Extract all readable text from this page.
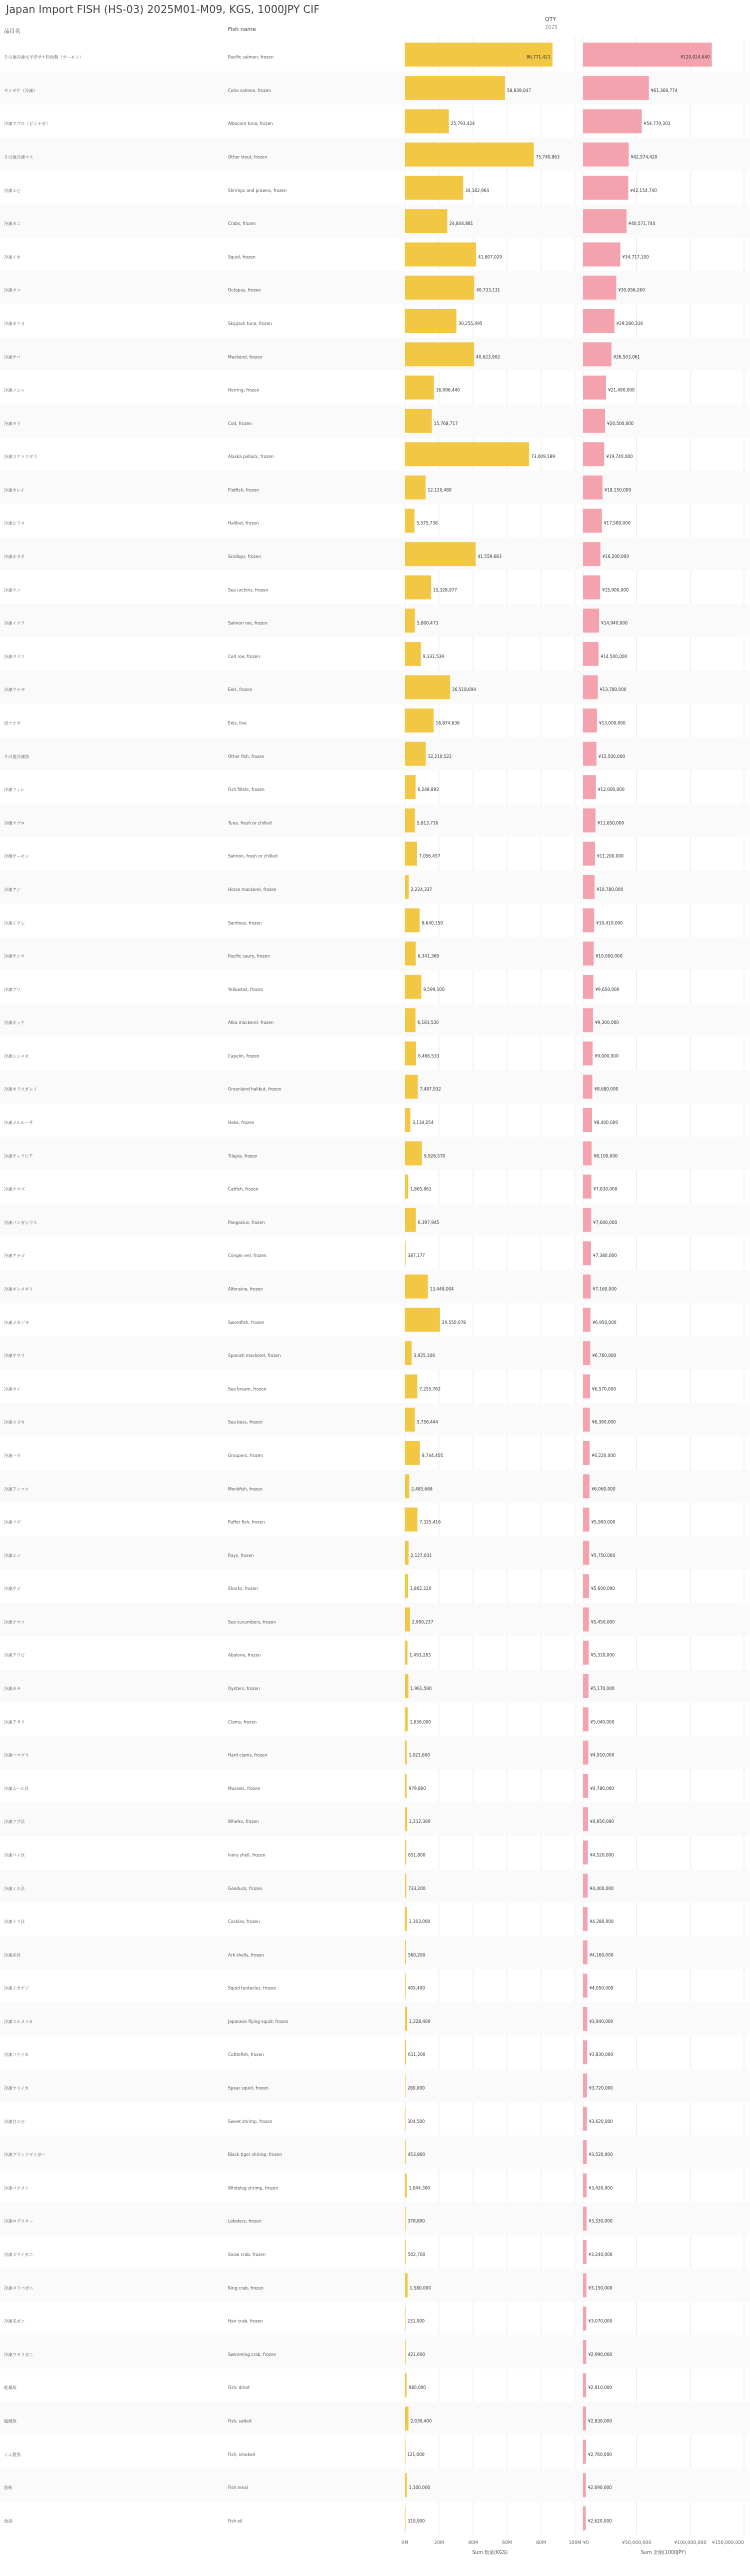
Japan Import FISH (HS-03) 2025M01-M09, KGS, 1000JPY CIF
品目名	Fish name
QTY
2025
0M	20M	40M	60M	80M	100M ¥0	¥50,000,000	¥100,000,000 ¥150,000,000
Sum 数量(KGS)	Sum 金額(1000JPY)
その他冷凍太平洋サケ科魚類（サーモン）	Pacific salmon, frozen	86,771,421	¥120,024,640
ギンザケ（冷凍）	Coho salmon, frozen	58,839,047	¥61,360,774
冷凍マグロ（ビンナガ）	Albacore tuna, frozen	25,793,424	¥54,770,303
その他冷凍マス	Other trout, frozen	75,740,863	¥42,574,420
冷凍エビ	Shrimps and prawns, frozen	34,182,964	¥42,154,740
冷凍カニ	Crabs, frozen	24,844,881	¥40,571,744
冷凍イカ	Squid, frozen	41,807,029	¥34,717,100
冷凍タコ	Octopus, frozen	40,733,131	¥30,956,260
冷凍カツオ	Skipjack tuna, frozen	30,255,495	¥29,280,316
冷凍サバ	Mackerel, frozen	40,623,902	¥26,503,061
冷凍ニシン	Herring, frozen	16,996,440	¥21,490,000
冷凍タラ	Cod, frozen	15,768,717	¥20,500,000
冷凍スケトウダラ	Alaska pollock, frozen	73,009,189	¥19,740,000
冷凍カレイ	Flatfish, frozen	12,120,480	¥18,150,000
冷凍ヒラメ	Halibut, frozen	5,575,738	¥17,580,000
冷凍ホタテ	Scallops, frozen	41,559,683	¥16,200,000
冷凍ウニ	Sea urchins, frozen	15,328,977	¥15,900,000
冷凍イクラ	Salmon roe, frozen	5,800,473	¥14,940,000
冷凍タラコ	Cod roe, frozen	9,331,539	¥14,500,000
冷凍ウナギ	Eels, frozen	26,518,694	¥13,780,000
活ウナギ	Eels, live	16,874,636	¥13,000,000
その他冷凍魚	Other fish, frozen	12,210,522	¥12,500,000
冷凍フィレ	Fish fillets, frozen	6,248,892	¥12,000,000
冷蔵マグロ	Tuna, fresh or chilled	5,813,716	¥11,650,000
冷蔵サーモン	Salmon, fresh or chilled	7,056,457	¥11,200,000
冷凍アジ	Horse mackerel, frozen	2,224,337	¥10,780,000
冷凍イワシ	Sardines, frozen	8,640,150	¥10,410,000
冷凍サンマ	Pacific saury, frozen	6,341,369	¥10,000,000
冷凍ブリ	Yellowtail, frozen	9,599,100	¥9,650,000
冷凍ホッケ	Atka mackerel, frozen	6,183,530	¥9,300,000
冷凍シシャモ	Capelin, frozen	6,466,533	¥9,000,000
冷凍カラスガレイ	Greenland halibut, frozen	7,487,932	¥8,680,000
冷凍メルルーサ	Hake, frozen	3,134,254	¥8,400,000
冷凍ティラピア	Tilapia, frozen	9,926,570	¥8,100,000
冷凍ナマズ	Catfish, frozen	1,865,862	¥7,830,000
冷凍パンガシウス	Pangasius, frozen	6,397,945	¥7,600,000
冷凍アナゴ	Conger eel, frozen	387,177	¥7,380,000
冷凍キンメダイ	Alfonsino, frozen	13,448,004	¥7,160,000
冷凍メカジキ	Swordfish, frozen	20,550,078	¥6,950,000
冷凍サワラ	Spanish mackerel, frozen	3,925,106	¥6,760,000
冷凍タイ	Sea bream, frozen	7,255,762	¥6,570,000
冷凍スズキ	Sea bass, frozen	5,756,444	¥6,390,000
冷凍ハタ	Groupers, frozen	8,744,405	¥6,220,000
冷凍アンコウ	Monkfish, frozen	2,485,668	¥6,060,000
冷凍フグ	Puffer fish, frozen	7,325,416	¥5,900,000
冷凍エイ	Rays, frozen	2,127,031	¥5,750,000
冷凍サメ	Sharks, frozen	1,802,220	¥5,600,000
冷凍ナマコ	Sea cucumbers, frozen	2,900,237	¥5,450,000
冷凍アワビ	Abalone, frozen	1,493,283	¥5,310,000
冷凍カキ	Oysters, frozen	1,961,590	¥5,170,000
冷凍アサリ	Clams, frozen	1,636,000	¥5,040,000
冷凍ハマグリ	Hard clams, frozen	1,021,600	¥4,910,000
冷凍ムール貝	Mussels, frozen	979,800	¥4,780,000
冷凍ツブ貝	Whelks, frozen	1,212,300	¥4,650,000
冷凍バイ貝	Ivory shell, frozen	651,800	¥4,520,000
冷凍ミル貝	Geoduck, frozen	733,200	¥4,400,000
冷凍トリ貝	Cockles, frozen	1,103,000	¥4,280,000
冷凍赤貝	Ark shells, frozen	560,200	¥4,160,000
冷凍イカゲソ	Squid tentacles, frozen	405,400	¥4,050,000
冷凍スルメイカ	Japanese flying squid, frozen	1,228,400	¥3,940,000
冷凍コウイカ	Cuttlefish, frozen	611,200	¥3,830,000
冷凍ヤリイカ	Spear squid, frozen	280,000	¥3,720,000
冷凍甘エビ	Sweet shrimp, frozen	304,500	¥3,620,000
冷凍ブラックタイガー	Black tiger shrimp, frozen	453,800	¥3,520,000
冷凍バナメイ	Whiteleg shrimp, frozen	1,044,300	¥3,420,000
冷凍ロブスター	Lobsters, frozen	378,800	¥3,330,000
冷凍ズワイガニ	Snow crab, frozen	502,700	¥3,240,000
冷凍タラバガニ	King crab, frozen	1,580,000	¥3,150,000
冷凍毛ガニ	Hair crab, frozen	231,000	¥3,070,000
冷凍ワタリガニ	Swimming crab, frozen	421,600	¥2,990,000
乾燥魚	Fish, dried	980,000	¥2,910,000
塩蔵魚	Fish, salted	2,030,400	¥2,830,000
くん製魚	Fish, smoked	121,000	¥2,760,000
魚粉	Fish meal	1,100,000	¥2,690,000
魚油	Fish oil	310,000	¥2,620,000
